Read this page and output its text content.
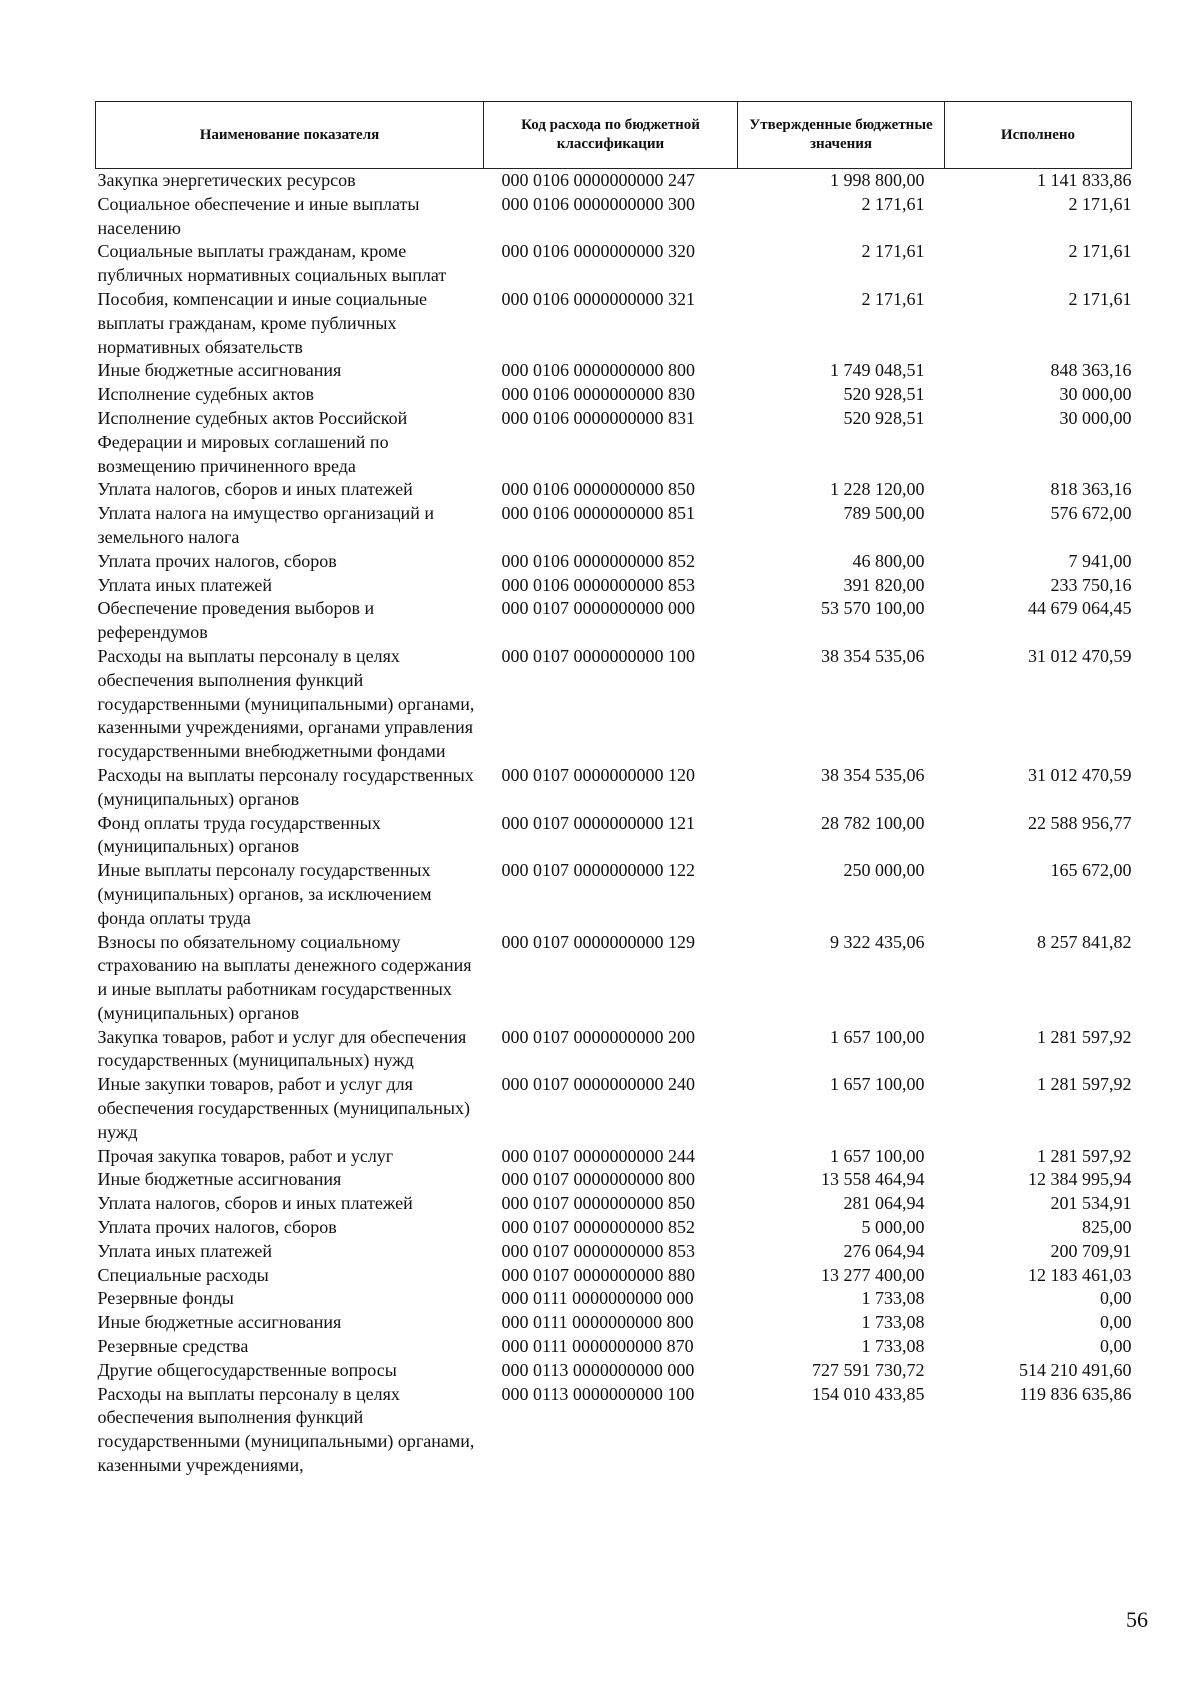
Наименование показателя	Код расхода по бюджетной классификации	Утвержденные бюджетные значения	Исполнено
Закупка энергетических ресурсов	000 0106 0000000000 247	1 998 800,00	1 141 833,86
Социальное обеспечение и иные выплаты населению	000 0106 0000000000 300	2 171,61	2 171,61
Социальные выплаты гражданам, кроме публичных нормативных социальных выплат	000 0106 0000000000 320	2 171,61	2 171,61
Пособия, компенсации и иные социальные выплаты гражданам, кроме публичных нормативных обязательств	000 0106 0000000000 321	2 171,61	2 171,61
Иные бюджетные ассигнования	000 0106 0000000000 800	1 749 048,51	848 363,16
Исполнение судебных актов	000 0106 0000000000 830	520 928,51	30 000,00
Исполнение судебных актов Российской Федерации и мировых соглашений по возмещению причиненного вреда	000 0106 0000000000 831	520 928,51	30 000,00
Уплата налогов, сборов и иных платежей	000 0106 0000000000 850	1 228 120,00	818 363,16
Уплата налога на имущество организаций и земельного налога	000 0106 0000000000 851	789 500,00	576 672,00
Уплата прочих налогов, сборов	000 0106 0000000000 852	46 800,00	7 941,00
Уплата иных платежей	000 0106 0000000000 853	391 820,00	233 750,16
Обеспечение проведения выборов и референдумов	000 0107 0000000000 000	53 570 100,00	44 679 064,45
Расходы на выплаты персоналу в целях обеспечения выполнения функций государственными (муниципальными) органами, казенными учреждениями, органами управления государственными внебюджетными фондами	000 0107 0000000000 100	38 354 535,06	31 012 470,59
Расходы на выплаты персоналу государственных (муниципальных) органов	000 0107 0000000000 120	38 354 535,06	31 012 470,59
Фонд оплаты труда государственных (муниципальных) органов	000 0107 0000000000 121	28 782 100,00	22 588 956,77
Иные выплаты персоналу государственных (муниципальных) органов, за исключением фонда оплаты труда	000 0107 0000000000 122	250 000,00	165 672,00
Взносы по обязательному социальному страхованию на выплаты денежного содержания и иные выплаты работникам государственных (муниципальных) органов	000 0107 0000000000 129	9 322 435,06	8 257 841,82
Закупка товаров, работ и услуг для обеспечения государственных (муниципальных) нужд	000 0107 0000000000 200	1 657 100,00	1 281 597,92
Иные закупки товаров, работ и услуг для обеспечения государственных (муниципальных) нужд	000 0107 0000000000 240	1 657 100,00	1 281 597,92
Прочая закупка товаров, работ и услуг	000 0107 0000000000 244	1 657 100,00	1 281 597,92
Иные бюджетные ассигнования	000 0107 0000000000 800	13 558 464,94	12 384 995,94
Уплата налогов, сборов и иных платежей	000 0107 0000000000 850	281 064,94	201 534,91
Уплата прочих налогов, сборов	000 0107 0000000000 852	5 000,00	825,00
Уплата иных платежей	000 0107 0000000000 853	276 064,94	200 709,91
Специальные расходы	000 0107 0000000000 880	13 277 400,00	12 183 461,03
Резервные фонды	000 0111 0000000000 000	1 733,08	0,00
Иные бюджетные ассигнования	000 0111 0000000000 800	1 733,08	0,00
Резервные средства	000 0111 0000000000 870	1 733,08	0,00
Другие общегосударственные вопросы	000 0113 0000000000 000	727 591 730,72	514 210 491,60
Расходы на выплаты персоналу в целях обеспечения выполнения функций государственными (муниципальными) органами, казенными учреждениями,	000 0113 0000000000 100	154 010 433,85	119 836 635,86
56
